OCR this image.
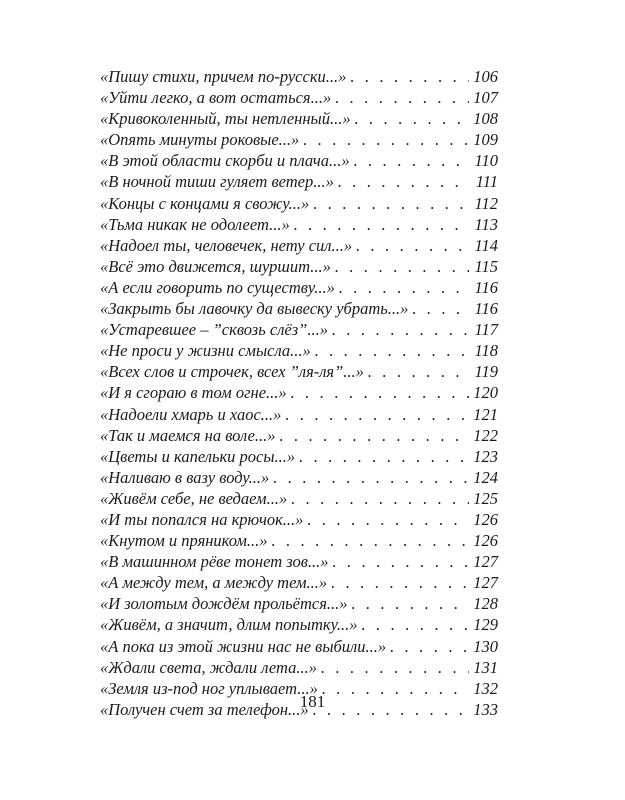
«Пишу стихи, причем по-русски...» . . .	106
«Уйти легко, а вот остаться...» . . .	107
«Кривоколенный, ты нетленный...» . . .	108
«Опять минуты роковые...» . . .	109
«В этой области скорби и плача...» . . .	110
«В ночной тиши гуляет ветер...» . . .	111
«Концы с концами я свожу...» . . .	112
«Тьма никак не одолеет...» . . .	113
«Надоел ты, человечек, нету сил...» . . .	114
«Всё это движется, шуршит...» . . .	115
«А если говорить по существу...» . . .	116
«Закрыть бы лавочку да вывеску убрать...» . . .	116
«Устаревшее – ”сквозь слёз”...» . . .	117
«Не проси у жизни смысла...» . . .	118
«Всех слов и строчек, всех ”ля-ля”...» . . .	119
«И я сгораю в том огне...» . . .	120
«Надоели хмарь и хаос...» . . .	121
«Так и маемся на воле...» . . .	122
«Цветы и капельки росы...» . . .	123
«Наливаю в вазу воду...» . . .	124
«Живём себе, не ведаем...» . . .	125
«И ты попался на крючок...» . . .	126
«Кнутом и пряником...» . . .	126
«В машинном рёве тонет зов...» . . .	127
«А между тем, а между тем...» . . .	127
«И золотым дождём прольётся...» . . .	128
«Живём, а значит, длим попытку...» . . .	129
«А пока из этой жизни нас не выбили...» . . .	130
«Ждали света, ждали лета...» . . .	131
«Земля из-под ног уплывает...» . . .	132
«Получен счет за телефон...» . . .	133
181
